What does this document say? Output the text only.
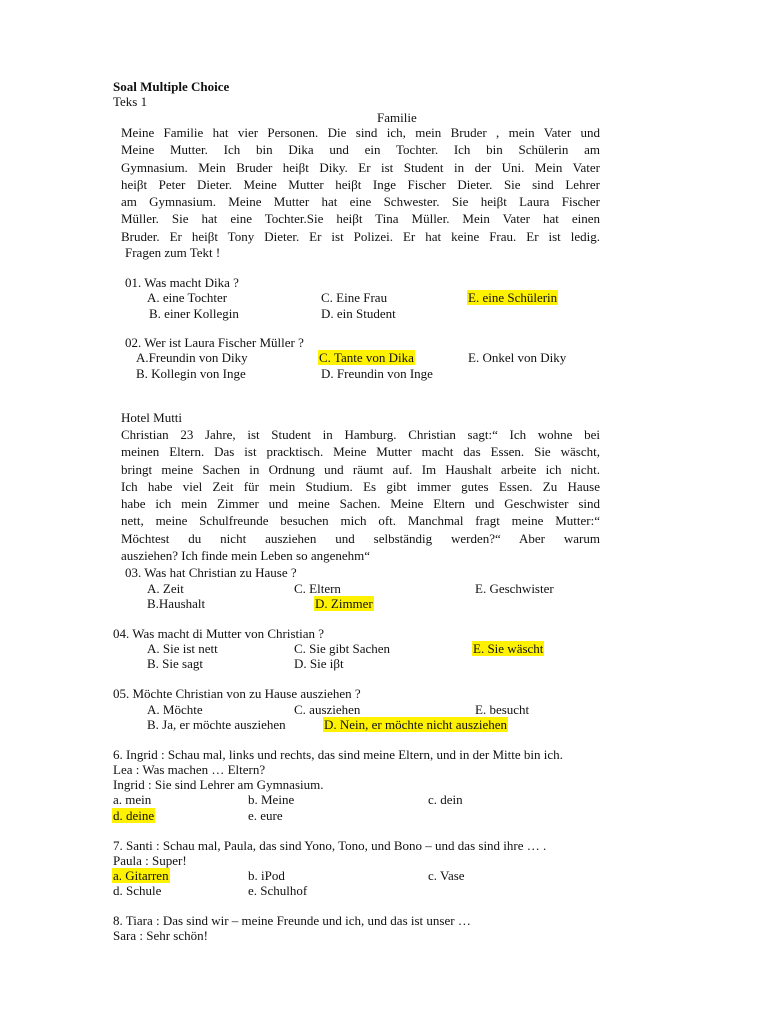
Soal Multiple Choice
Teks 1
Familie
Meine Familie hat vier Personen. Die sind ich, mein Bruder , mein Vater und
Meine Mutter. Ich bin Dika und ein Tochter. Ich bin Schülerin am
Gymnasium. Mein Bruder heiβt Diky. Er ist Student in der Uni. Mein Vater
heiβt Peter Dieter. Meine Mutter heiβt Inge Fischer Dieter. Sie sind Lehrer
am Gymnasium. Meine Mutter hat eine Schwester. Sie heiβt Laura Fischer
Müller. Sie hat eine Tochter.Sie heiβt Tina Müller. Mein Vater hat einen
Bruder. Er heiβt Tony Dieter. Er ist Polizei. Er hat keine Frau. Er ist ledig.
Fragen zum Tekt !
01. Was macht Dika ?
A. eine Tochter	C. Eine Frau	E. eine Schülerin
B. einer Kollegin	D. ein Student
02. Wer ist Laura Fischer Müller ?
A.Freundin von Diky	C. Tante von Dika	E. Onkel von Diky
B. Kollegin von Inge	D. Freundin von Inge
Hotel Mutti
Christian 23 Jahre, ist Student in Hamburg. Christian sagt:“ Ich wohne bei
meinen Eltern. Das ist pracktisch. Meine Mutter macht das Essen. Sie wäscht,
bringt meine Sachen in Ordnung und räumt auf. Im Haushalt arbeite ich nicht.
Ich habe viel Zeit für mein Studium. Es gibt immer gutes Essen. Zu Hause
habe ich mein Zimmer und meine Sachen. Meine Eltern und Geschwister sind
nett, meine Schulfreunde besuchen mich oft. Manchmal fragt meine Mutter:“
Möchtest du nicht ausziehen und selbständig werden?“ Aber warum
ausziehen? Ich finde mein Leben so angenehm“
03. Was hat Christian zu Hause ?
A. Zeit	C. Eltern	E. Geschwister
B.Haushalt	D. Zimmer
04. Was macht di Mutter von Christian ?
A. Sie ist nett	C. Sie gibt Sachen	E. Sie wäscht
B. Sie sagt	D. Sie iβt
05. Möchte Christian von zu Hause ausziehen ?
A. Möchte	C. ausziehen	E. besucht
B. Ja, er möchte ausziehen	D. Nein, er möchte nicht ausziehen
6. Ingrid : Schau mal, links und rechts, das sind meine Eltern, und in der Mitte bin ich.
Lea : Was machen … Eltern?
Ingrid : Sie sind Lehrer am Gymnasium.
a. mein	b. Meine	c. dein
d. deine	e. eure
7. Santi : Schau mal, Paula, das sind Yono, Tono, und Bono – und das sind ihre … .
Paula : Super!
a. Gitarren	b. iPod	c. Vase
d. Schule	e. Schulhof
8. Tiara : Das sind wir – meine Freunde und ich, und das ist unser …
Sara : Sehr schön!
